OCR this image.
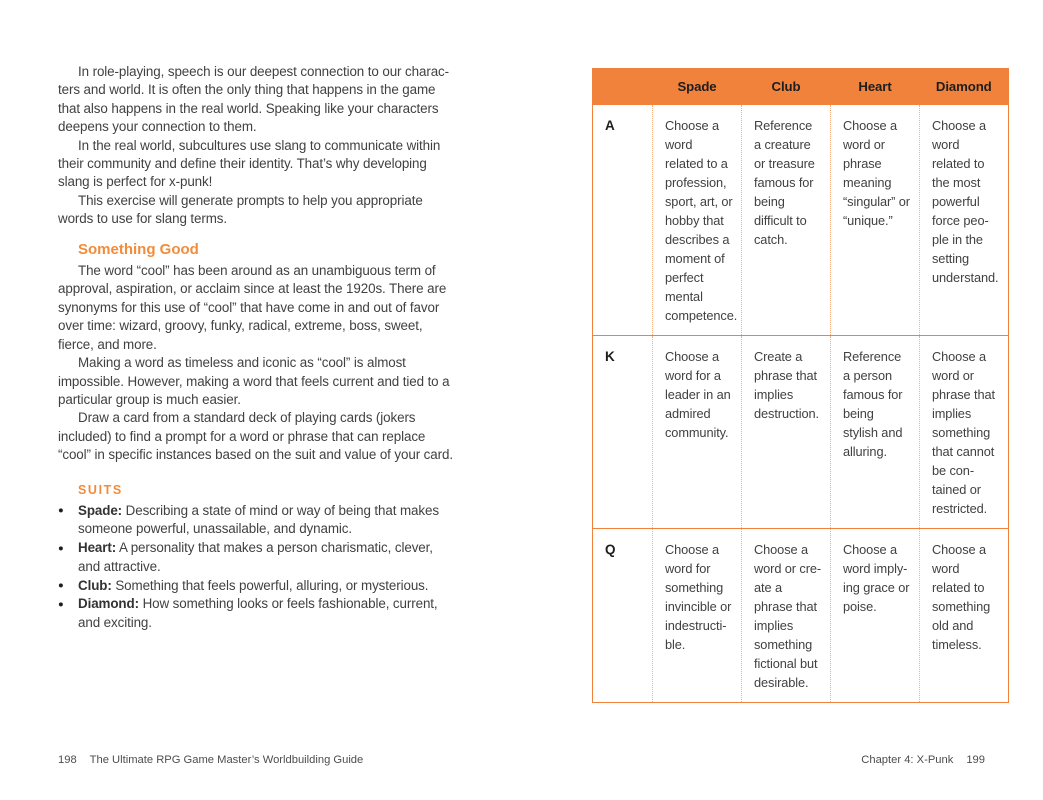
In role-playing, speech is our deepest connection to our characters and world. It is often the only thing that happens in the game that also happens in the real world. Speaking like your characters deepens your connection to them.

In the real world, subcultures use slang to communicate within their community and define their identity. That’s why developing slang is perfect for x-punk!

This exercise will generate prompts to help you appropriate words to use for slang terms.

Something Good

The word “cool” has been around as an unambiguous term of approval, aspiration, or acclaim since at least the 1920s. There are synonyms for this use of “cool” that have come in and out of favor over time: wizard, groovy, funky, radical, extreme, boss, sweet, fierce, and more.

Making a word as timeless and iconic as “cool” is almost impossible. However, making a word that feels current and tied to a particular group is much easier.

Draw a card from a standard deck of playing cards (jokers included) to find a prompt for a word or phrase that can replace “cool” in specific instances based on the suit and value of your card.

SUITS
● Spade: Describing a state of mind or way of being that makes someone powerful, unassailable, and dynamic.
● Heart: A personality that makes a person charismatic, clever, and attractive.
● Club: Something that feels powerful, alluring, or mysterious.
● Diamond: How something looks or feels fashionable, current, and exciting.
	Spade	Club	Heart	Diamond
A	Choose a word related to a profession, sport, art, or hobby that describes a moment of perfect mental competence.	Reference a creature or treasure famous for being difficult to catch.	Choose a word or phrase meaning “singular” or “unique.”	Choose a word related to the most powerful force people in the setting understand.
K	Choose a word for a leader in an admired community.	Create a phrase that implies destruction.	Reference a person famous for being stylish and alluring.	Choose a word or phrase that implies something that cannot be contained or restricted.
Q	Choose a word for something invincible or indestructible.	Choose a word or create a phrase that implies something fictional but desirable.	Choose a word implying grace or poise.	Choose a word related to something old and timeless.
198 The Ultimate RPG Game Master’s Worldbuilding Guide	Chapter 4: X-Punk 199
